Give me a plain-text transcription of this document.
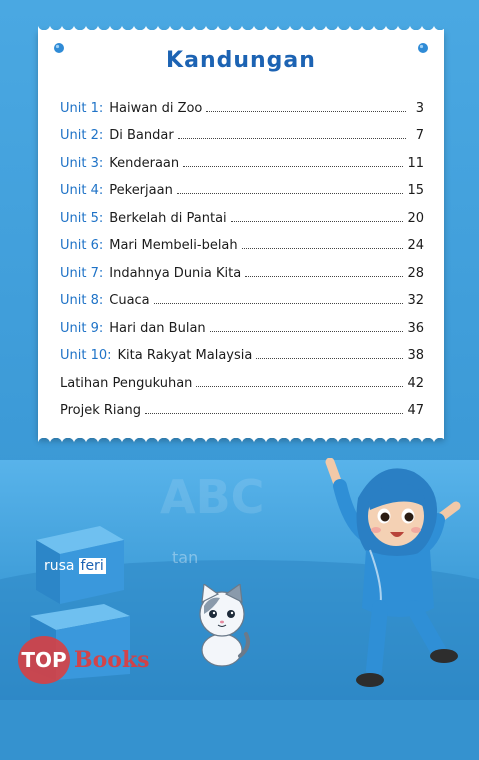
ABC
Kandungan
Unit 1: Haiwan di Zoo	3
Unit 2: Di Bandar	7
Unit 3: Kenderaan	11
Unit 4: Pekerjaan	15
Unit 5: Berkelah di Pantai	20
Unit 6: Mari Membeli-belah	24
Unit 7: Indahnya Dunia Kita	28
Unit 8: Cuaca	32
Unit 9: Hari dan Bulan	36
Unit 10: Kita Rakyat Malaysia	38
Latihan Pengukuhan	42
Projek Riang	47
rusa feri	tan
TOP Books
